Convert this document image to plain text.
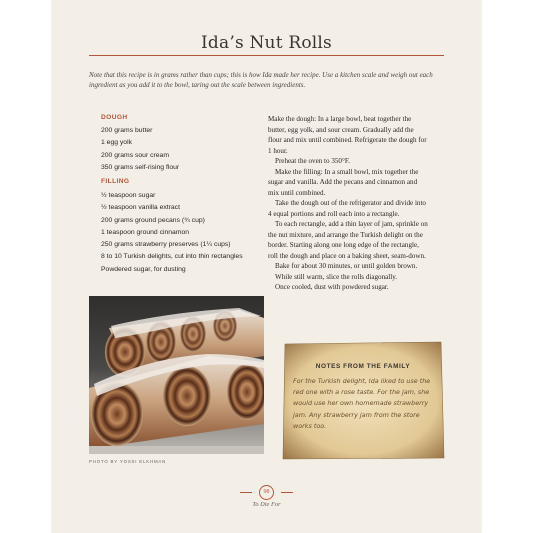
Ida’s Nut Rolls
Note that this recipe is in grams rather than cups; this is how Ida made her recipe. Use a kitchen scale and weigh out each ingredient as you add it to the bowl, taring out the scale between ingredients.
DOUGH
200 grams butter
1 egg yolk
200 grams sour cream
350 grams self-rising flour
FILLING
½ teaspoon sugar
½ teaspoon vanilla extract
200 grams ground pecans (¾ cup)
1 teaspoon ground cinnamon
250 grams strawberry preserves (1¼ cups)
8 to 10 Turkish delights, cut into thin rectangles
Powdered sugar, for dusting

Make the dough: In a large bowl, beat together the butter, egg yolk, and sour cream. Gradually add the flour and mix until combined. Refrigerate the dough for 1 hour.

Preheat the oven to 350°F.

Make the filling: In a small bowl, mix together the sugar and vanilla. Add the pecans and cinnamon and mix until combined.

Take the dough out of the refrigerator and divide into 4 equal portions and roll each into a rectangle.

To each rectangle, add a thin layer of jam, sprinkle on the nut mixture, and arrange the Turkish delight on the border. Starting along one long edge of the rectangle, roll the dough and place on a baking sheet, seam-down.

Bake for about 30 minutes, or until golden brown.

While still warm, slice the rolls diagonally.

Once cooled, dust with powdered sugar.

PHOTO BY YOSSI ELKHMAN
NOTES FROM THE FAMILY
For the Turkish delight, Ida liked to use the red one with a rose taste. For the jam, she would use her own homemade strawberry jam. Any strawberry jam from the store works too.
98
To Die For
